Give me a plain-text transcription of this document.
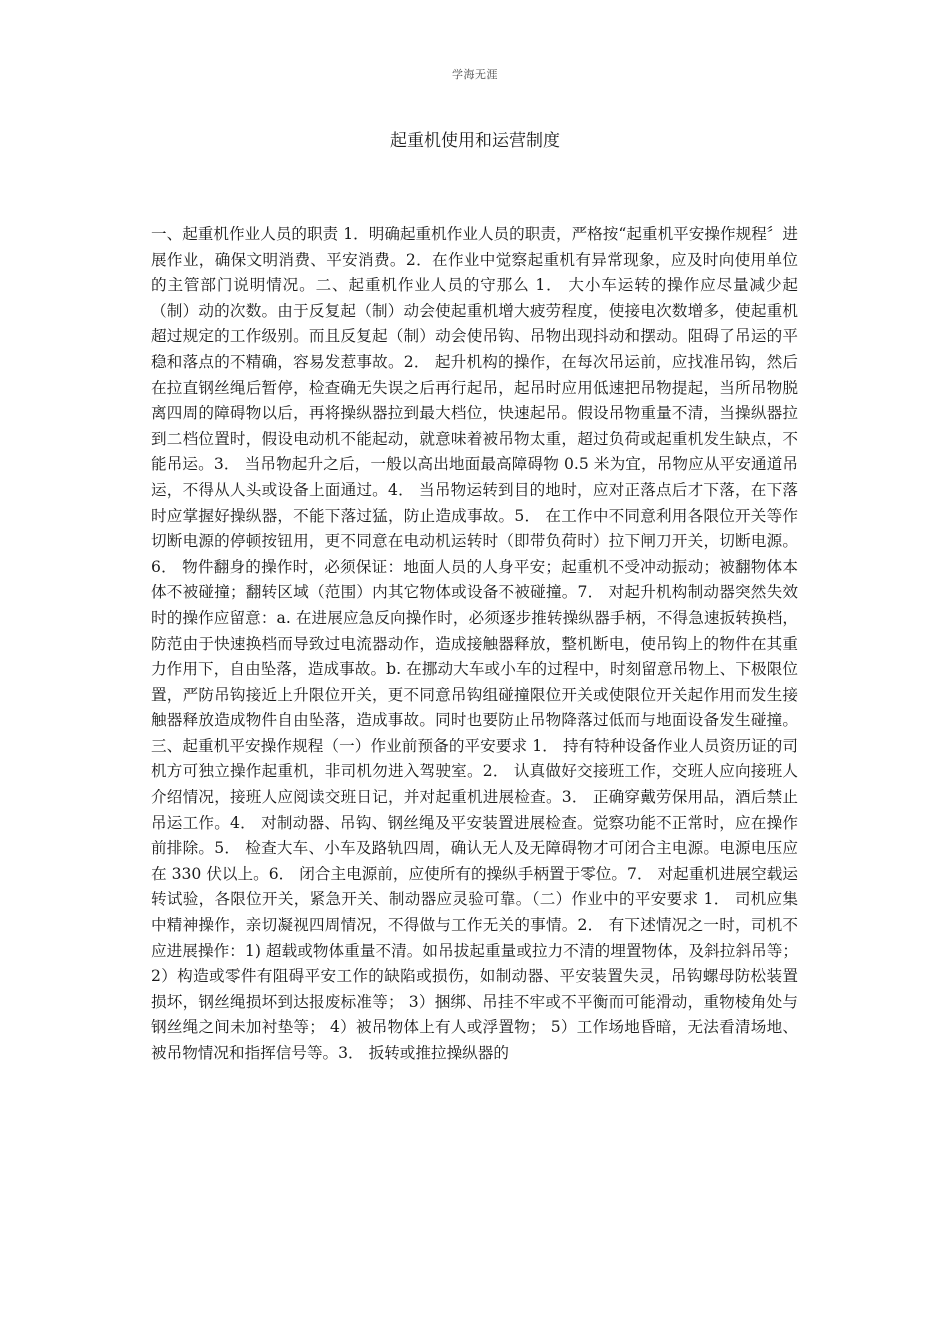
学海无涯
起重机使用和运营制度

一、起重机作业人员的职责 1．明确起重机作业人员的职责，严格按“起重机平安操作规程〞进展作业，确保文明消费、平安消费。2．在作业中觉察起重机有异常现象，应及时向使用单位的主管部门说明情况。二、起重机作业人员的守那么 1． 大小车运转的操作应尽量减少起（制）动的次数。由于反复起（制）动会使起重机增大疲劳程度，使接电次数增多，使起重机超过规定的工作级别。而且反复起（制）动会使吊钩、吊物出现抖动和摆动。阻碍了吊运的平稳和落点的不精确，容易发惹事故。2． 起升机构的操作，在每次吊运前，应找准吊钩，然后在拉直钢丝绳后暂停，检查确无失误之后再行起吊，起吊时应用低速把吊物提起，当所吊物脱离四周的障碍物以后，再将操纵器拉到最大档位，快速起吊。假设吊物重量不清，当操纵器拉到二档位置时，假设电动机不能起动，就意味着被吊物太重，超过负荷或起重机发生缺点，不能吊运。3． 当吊物起升之后，一般以高出地面最高障碍物 0.5 米为宜，吊物应从平安通道吊运，不得从人头或设备上面通过。4． 当吊物运转到目的地时，应对正落点后才下落，在下落时应掌握好操纵器，不能下落过猛，防止造成事故。5． 在工作中不同意利用各限位开关等作切断电源的停顿按钮用，更不同意在电动机运转时（即带负荷时）拉下闸刀开关，切断电源。6． 物件翻身的操作时，必须保证：地面人员的人身平安；起重机不受冲动振动；被翻物体本体不被碰撞；翻转区域（范围）内其它物体或设备不被碰撞。7． 对起升机构制动器突然失效时的操作应留意：a. 在进展应急反向操作时，必须逐步推转操纵器手柄，不得急速扳转换档，防范由于快速换档而导致过电流器动作，造成接触器释放，整机断电，使吊钩上的物件在其重力作用下，自由坠落，造成事故。b. 在挪动大车或小车的过程中，时刻留意吊物上、下极限位置，严防吊钩接近上升限位开关，更不同意吊钩组碰撞限位开关或使限位开关起作用而发生接触器释放造成物件自由坠落，造成事故。同时也要防止吊物降落过低而与地面设备发生碰撞。三、起重机平安操作规程（一）作业前预备的平安要求 1． 持有特种设备作业人员资历证的司机方可独立操作起重机，非司机勿进入驾驶室。2． 认真做好交接班工作，交班人应向接班人介绍情况，接班人应阅读交班日记，并对起重机进展检查。3． 正确穿戴劳保用品，酒后禁止吊运工作。4． 对制动器、吊钩、钢丝绳及平安装置进展检查。觉察功能不正常时，应在操作前排除。5． 检查大车、小车及路轨四周，确认无人及无障碍物才可闭合主电源。电源电压应在 330 伏以上。6． 闭合主电源前，应使所有的操纵手柄置于零位。7． 对起重机进展空载运转试验，各限位开关，紧急开关、制动器应灵验可靠。（二）作业中的平安要求 1． 司机应集中精神操作，亲切凝视四周情况，不得做与工作无关的事情。2． 有下述情况之一时，司机不应进展操作：1) 超载或物体重量不清。如吊拔起重量或拉力不清的埋置物体，及斜拉斜吊等； 2）构造或零件有阻碍平安工作的缺陷或损伤，如制动器、平安装置失灵，吊钩螺母防松装置损坏，钢丝绳损坏到达报废标准等； 3）捆绑、吊挂不牢或不平衡而可能滑动，重物棱角处与钢丝绳之间未加衬垫等； 4）被吊物体上有人或浮置物； 5）工作场地昏暗，无法看清场地、被吊物情况和指挥信号等。3． 扳转或推拉操纵器的
